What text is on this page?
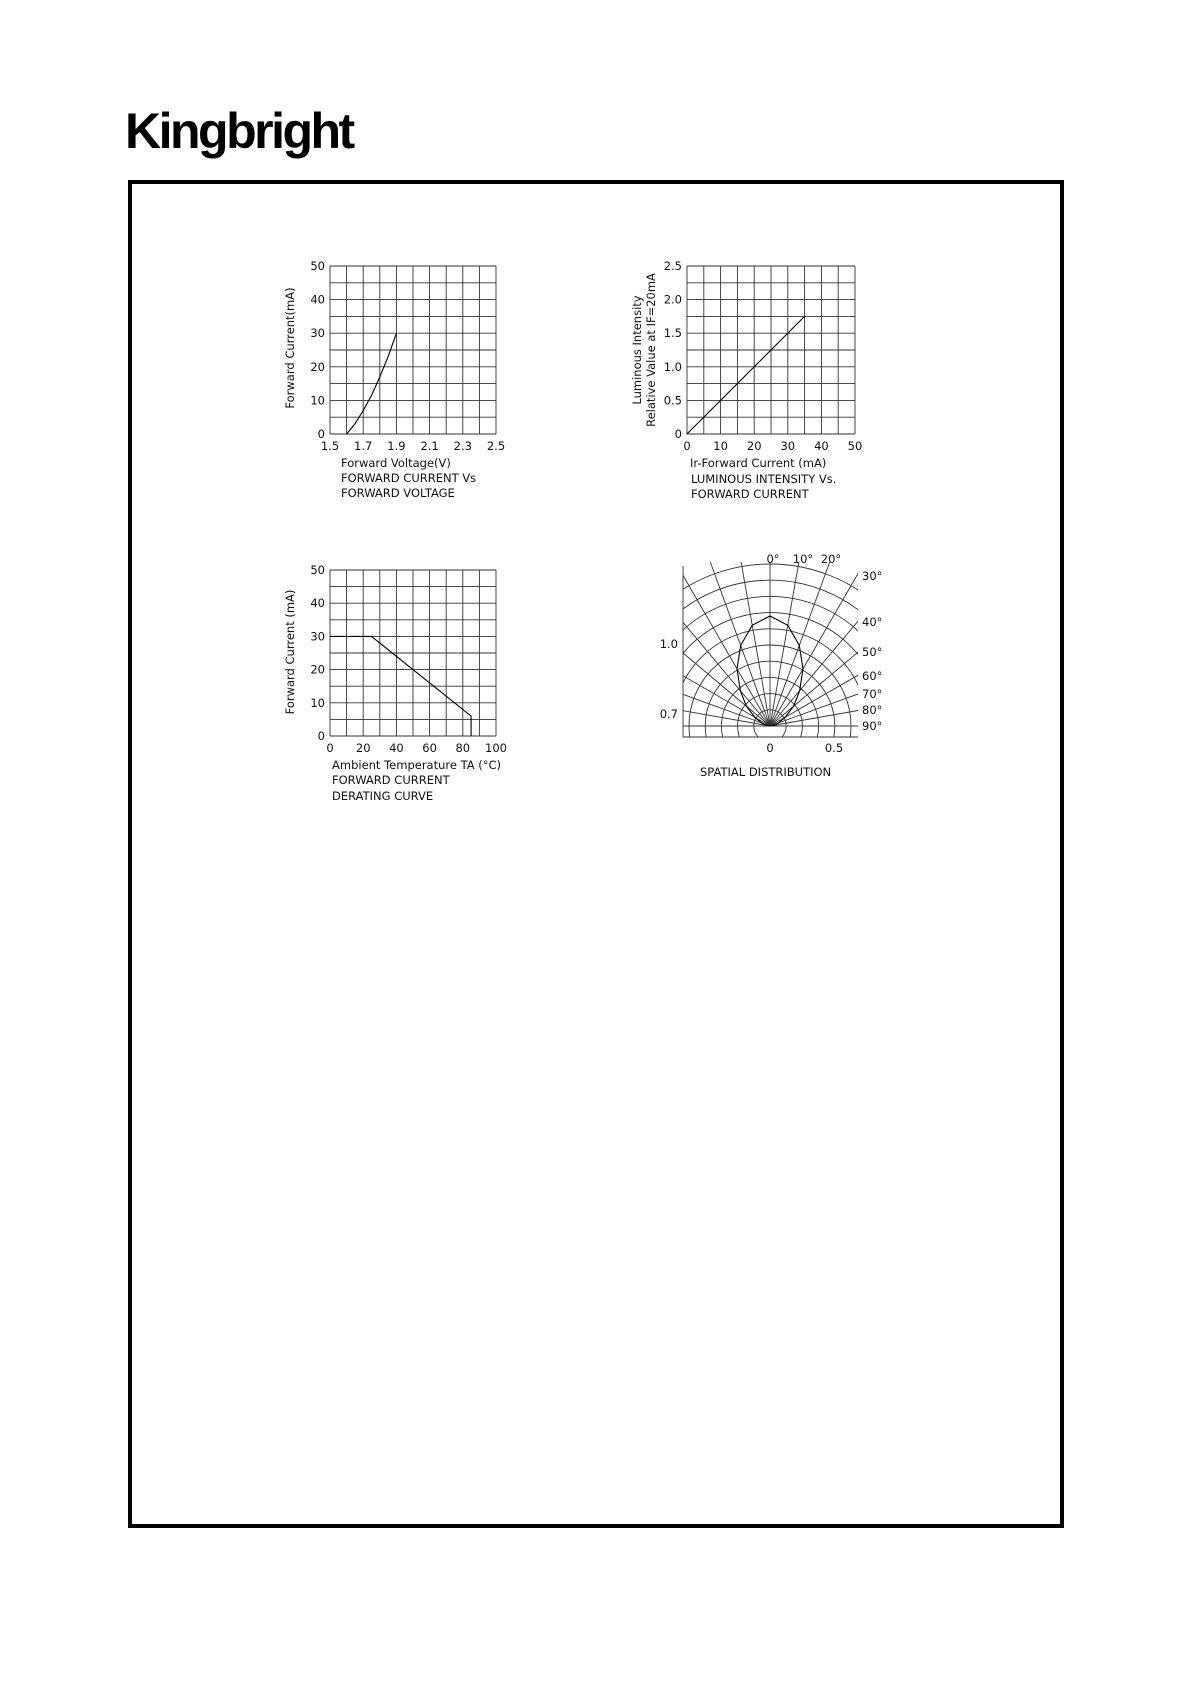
Kingbright
1.5 1.7 1.9 2.1 2.3 2.5
0
10
20
30
40
50
Forward Current(mA)
Forward Voltage(V)
FORWARD CURRENT Vs
FORWARD VOLTAGE
0 10 20 30 40 50
0
0.5
1.0
1.5
2.0
2.5
Luminous Intensity Relative Value at IF=20mA
Ir-Forward Current (mA)
LUMINOUS INTENSITY Vs.
FORWARD CURRENT
0 20 40 60 80 100
0
10
20
30
40
50
Forward Current (mA)
Ambient Temperature TA (°C)
FORWARD CURRENT
DERATING CURVE
0° 10° 20°
30°
40°
50°
60°
70°
80°
90°
1.0
0.7
0	0.5
SPATIAL DISTRIBUTION
